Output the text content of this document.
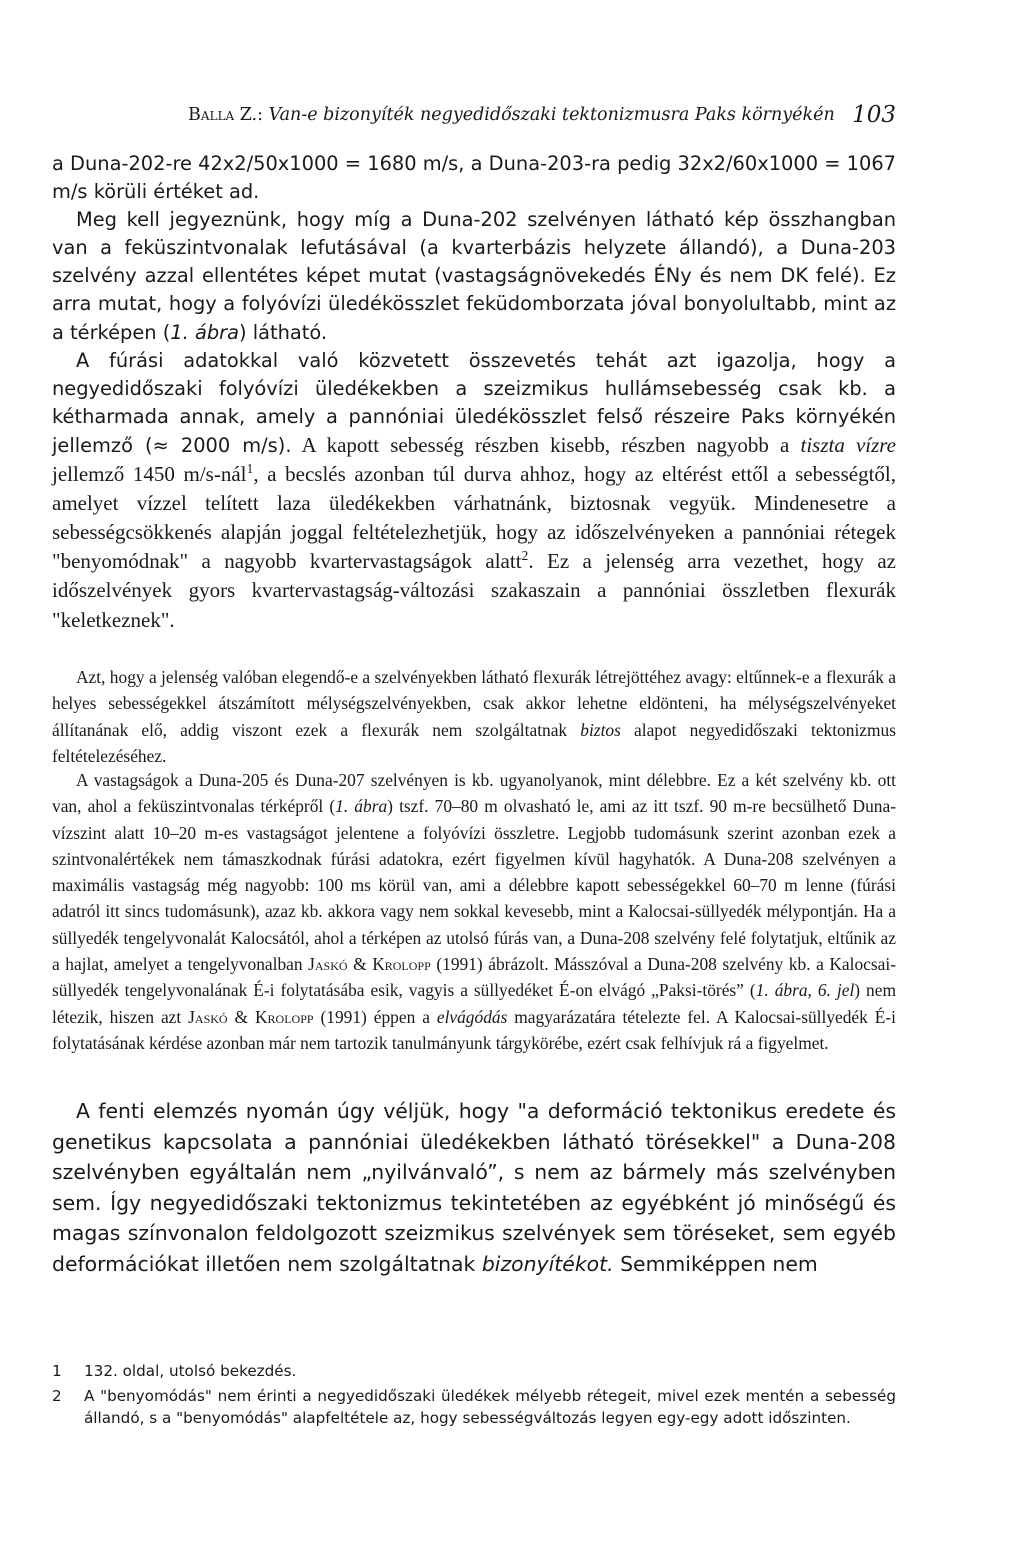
Balla Z.: Van-e bizonyíték negyedidőszaki tektonizmusra Paks környékén 103

a Duna-202-re 42x2/50x1000 = 1680 m/s, a Duna-203-ra pedig 32x2/60x1000 = 1067 m/s körüli értéket ad.

Meg kell jegyeznünk, hogy míg a Duna-202 szelvényen látható kép összhangban van a feküszintvonalak lefutásával (a kvarterbázis helyzete állandó), a Duna-203 szelvény azzal ellentétes képet mutat (vastagságnövekedés ÉNy és nem DK felé). Ez arra mutat, hogy a folyóvízi üledékösszlet feküdomborzata jóval bonyolultabb, mint az a térképen (1. ábra) látható.

A fúrási adatokkal való közvetett összevetés tehát azt igazolja, hogy a negyedidőszaki folyóvízi üledékekben a szeizmikus hullámsebesség csak kb. a kétharmada annak, amely a pannóniai üledékösszlet felső részeire Paks környékén jellemző (≈ 2000 m/s). A kapott sebesség részben kisebb, részben nagyobb a tiszta vízre jellemző 1450 m/s-nál$^1$, a becslés azonban túl durva ahhoz, hogy az eltérést ettől a sebességtől, amelyet vízzel telített laza üledékekben várhatnánk, biztosnak vegyük. Mindenesetre a sebességcsökkenés alapján joggal feltételezhetjük, hogy az időszelvényeken a pannóniai rétegek "benyomódnak" a nagyobb kvartervastagságok alatt$^2$. Ez a jelenség arra vezethet, hogy az időszelvények gyors kvartervastagság-változási szakaszain a pannóniai összletben flexurák "keletkeznek".

Azt, hogy a jelenség valóban elegendő-e a szelvényekben látható flexurák létrejöttéhez avagy: eltűnnek-e a flexurák a helyes sebességekkel átszámított mélységszelvényekben, csak akkor lehetne eldönteni, ha mélységszelvényeket állítanának elő, addig viszont ezek a flexurák nem szolgáltatnak biztos alapot negyedidőszaki tektonizmus feltételezéséhez.

A vastagságok a Duna-205 és Duna-207 szelvényen is kb. ugyanolyanok, mint délebbre. Ez a két szelvény kb. ott van, ahol a feküszintvonalas térképről (1. ábra) tszf. 70–80 m olvasható le, ami az itt tszf. 90 m-re becsülhető Duna-vízszint alatt 10–20 m-es vastagságot jelentene a folyóvízi összletre. Legjobb tudomásunk szerint azonban ezek a szintvonalértékek nem támaszkodnak fúrási adatokra, ezért figyelmen kívül hagyhatók. A Duna-208 szelvényen a maximális vastagság még nagyobb: 100 ms körül van, ami a délebbre kapott sebességekkel 60–70 m lenne (fúrási adatról itt sincs tudomásunk), azaz kb. akkora vagy nem sokkal kevesebb, mint a Kalocsai-süllyedék mélypontján. Ha a süllyedék tengelyvonalát Kalocsától, ahol a térképen az utolsó fúrás van, a Duna-208 szelvény felé folytatjuk, eltűnik az a hajlat, amelyet a tengelyvonalban Jaskó & Krolopp (1991) ábrázolt. Másszóval a Duna-208 szelvény kb. a Kalocsai-süllyedék tengelyvonalának É-i folytatásába esik, vagyis a süllyedéket É-on elvágó „Paksi-törés” (1. ábra, 6. jel) nem létezik, hiszen azt Jaskó & Krolopp (1991) éppen a elvágódás magyarázatára tételezte fel. A Kalocsai-süllyedék É-i folytatásának kérdése azonban már nem tartozik tanulmányunk tárgykörébe, ezért csak felhívjuk rá a figyelmet.

A fenti elemzés nyomán úgy véljük, hogy "a deformáció tektonikus eredete és genetikus kapcsolata a pannóniai üledékekben látható törésekkel" a Duna-208 szelvényben egyáltalán nem „nyilvánvaló”, s nem az bármely más szelvényben sem. Így negyedidőszaki tektonizmus tekintetében az egyébként jó minőségű és magas színvonalon feldolgozott szeizmikus szelvények sem töréseket, sem egyéb deformációkat illetően nem szolgáltatnak bizonyítékot. Semmiképpen nem

1 132. oldal, utolsó bekezdés.
2 A "benyomódás" nem érinti a negyedidőszaki üledékek mélyebb rétegeit, mivel ezek mentén a sebesség állandó, s a "benyomódás" alapfeltétele az, hogy sebességváltozás legyen egy-egy adott időszinten.
